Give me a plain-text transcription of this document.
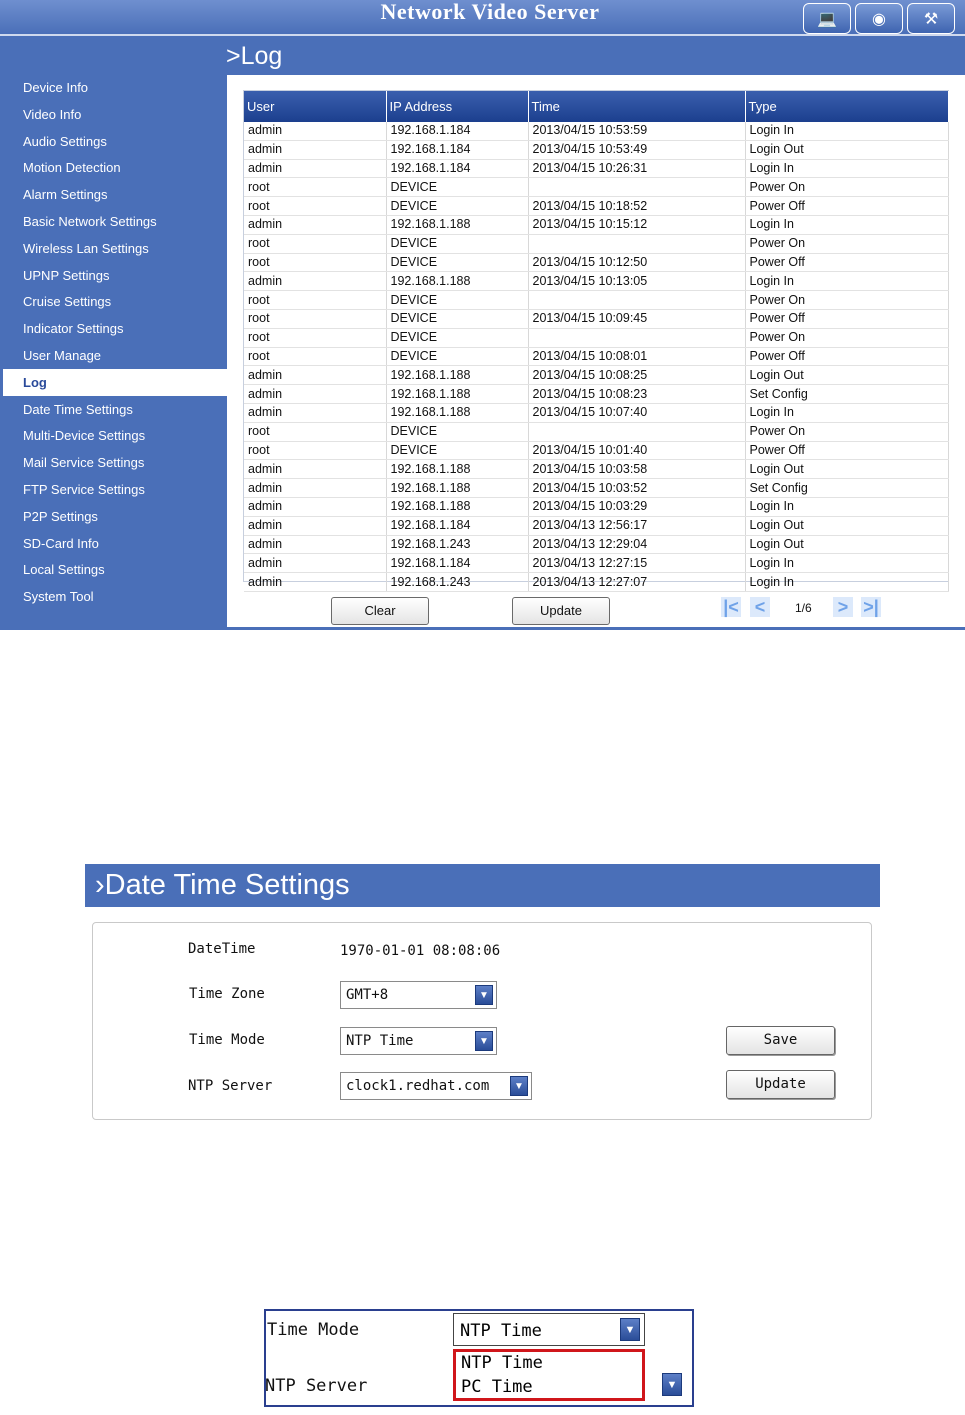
Network Video Server	💻	◉	⚒
>Log
Device Info
Video Info
Audio Settings
Motion Detection
Alarm Settings
Basic Network Settings
Wireless Lan Settings
UPNP Settings
Cruise Settings
Indicator Settings
User Manage
Log
Date Time Settings
Multi-Device Settings
Mail Service Settings
FTP Service Settings
P2P Settings
SD-Card Info
Local Settings
System Tool
User	IP Address	Time	Type
admin	192.168.1.184	2013/04/15 10:53:59	Login In
admin	192.168.1.184	2013/04/15 10:53:49	Login Out
admin	192.168.1.184	2013/04/15 10:26:31	Login In
root	DEVICE		Power On
root	DEVICE	2013/04/15 10:18:52	Power Off
admin	192.168.1.188	2013/04/15 10:15:12	Login In
root	DEVICE		Power On
root	DEVICE	2013/04/15 10:12:50	Power Off
admin	192.168.1.188	2013/04/15 10:13:05	Login In
root	DEVICE		Power On
root	DEVICE	2013/04/15 10:09:45	Power Off
root	DEVICE		Power On
root	DEVICE	2013/04/15 10:08:01	Power Off
admin	192.168.1.188	2013/04/15 10:08:25	Login Out
admin	192.168.1.188	2013/04/15 10:08:23	Set Config
admin	192.168.1.188	2013/04/15 10:07:40	Login In
root	DEVICE		Power On
root	DEVICE	2013/04/15 10:01:40	Power Off
admin	192.168.1.188	2013/04/15 10:03:58	Login Out
admin	192.168.1.188	2013/04/15 10:03:52	Set Config
admin	192.168.1.188	2013/04/15 10:03:29	Login In
admin	192.168.1.184	2013/04/13 12:56:17	Login Out
admin	192.168.1.243	2013/04/13 12:29:04	Login Out
admin	192.168.1.184	2013/04/13 12:27:15	Login In
admin	192.168.1.243	2013/04/13 12:27:07	Login In
Clear	Update	|< <	1/6 > >|
›Date Time Settings
DateTime	1970-01-01 08:08:06
Time Zone	GMT+8	▼
Time Mode	NTP Time	▼
NTP Server	clock1.redhat.com	▼
Save
Update
Time Mode	NTP Time	▼
NTP Server
NTP Time
PC Time	▼
